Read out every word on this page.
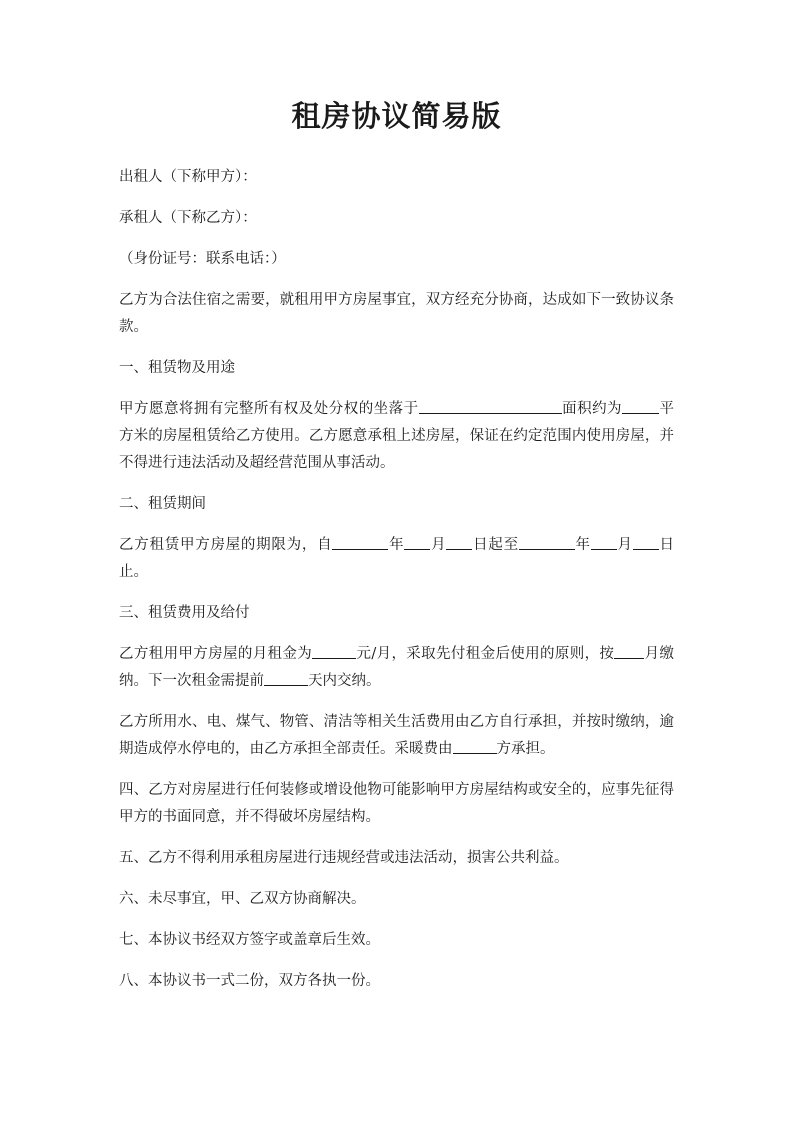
租房协议简易版

出租人（下称甲方）：

承租人（下称乙方）：

（身份证号：联系电话：）

乙方为合法住宿之需要，就租用甲方房屋事宜，双方经充分协商，达成如下一致协议条款。

一、租赁物及用途

甲方愿意将拥有完整所有权及处分权的坐落于	面积约为	平方米的房屋租赁给乙方使用。乙方愿意承租上述房屋，保证在约定范围内使用房屋，并不得进行违法活动及超经营范围从事活动。

二、租赁期间

乙方租赁甲方房屋的期限为，自	年 月 日起至	年 月 日止。

三、租赁费用及给付

乙方租用甲方房屋的月租金为	元/月，采取先付租金后使用的原则，按 月缴纳。下一次租金需提前	天内交纳。

乙方所用水、电、煤气、物管、清洁等相关生活费用由乙方自行承担，并按时缴纳，逾期造成停水停电的，由乙方承担全部责任。采暖费由	方承担。

四、乙方对房屋进行任何装修或增设他物可能影响甲方房屋结构或安全的，应事先征得甲方的书面同意，并不得破坏房屋结构。

五、乙方不得利用承租房屋进行违规经营或违法活动，损害公共利益。

六、未尽事宜，甲、乙双方协商解决。

七、本协议书经双方签字或盖章后生效。

八、本协议书一式二份，双方各执一份。
